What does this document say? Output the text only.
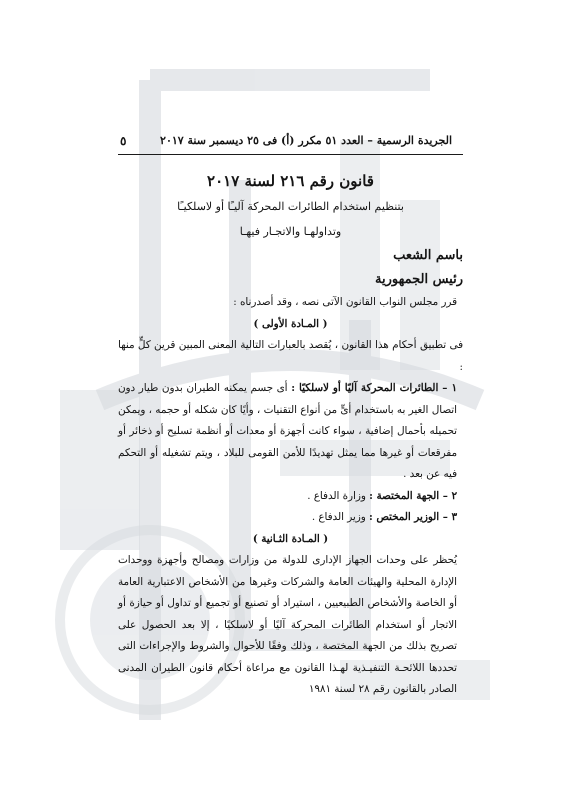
الجريدة الرسمية – العدد ٥١ مكرر (أ) فى ٢٥ ديسمبر سنة ٢٠١٧
٥
قانون رقم ٢١٦ لسنة ٢٠١٧
بتنظيم استخدام الطائرات المحركة آليـًا أو لاسلكيـًا
وتداولهـا والاتجـار فيهـا
باسم الشعب
رئيس الجمهورية

قرر مجلس النواب القانون الآتى نصه ، وقد أصدرناه :

( المـادة الأولى )

فى تطبيق أحكام هذا القانون ، يُقصد بالعبارات التالية المعنى المبين قرين كلٍّ منها :

١ – الطائرات المحركة آليًا أو لاسلكيًا : أى جسم يمكنه الطيران بدون طيار دون اتصال الغير به باستخدام أىٍّ من أنواع التقنيات ، وأيًا كان شكله أو حجمه ، ويمكن تحميله بأحمال إضافية ، سواء كانت أجهزة أو معدات أو أنظمة تسليح أو ذخائر أو مفرقعات أو غيرها مما يمثل تهديدًا للأمن القومى للبلاد ، ويتم تشغيله أو التحكم فيه عن بعد .

٢ – الجهة المختصة : وزارة الدفاع .

٣ – الوزير المختص : وزير الدفاع .

( المـادة الثـانية )

يُحظر على وحدات الجهاز الإدارى للدولة من وزارات ومصالح وأجهزة ووحدات الإدارة المحلية والهيئات العامة والشركات وغيرها من الأشخاص الاعتبارية العامة أو الخاصة والأشخاص الطبيعيين ، استيراد أو تصنيع أو تجميع أو تداول أو حيازة أو الاتجار أو استخدام الطائرات المحركة آليًا أو لاسلكيًا ، إلا بعد الحصول على تصريح بذلك من الجهة المختصة ، وذلك وفقًا للأحوال والشروط والإجراءات التى تحددها اللائحـة التنفيـذية لهـذا القانون مع مراعاة أحكام قانون الطيران المدنى الصادر بالقانون رقم ٢٨ لسنة ١٩٨١
